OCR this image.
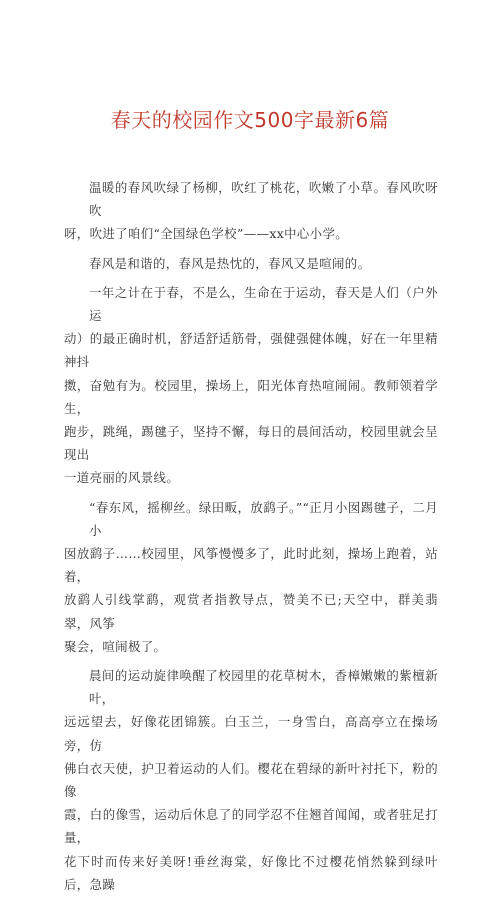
春天的校园作文500字最新6篇

温暖的春风吹绿了杨柳，吹红了桃花，吹嫩了小草。春风吹呀吹
呀，吹进了咱们“全国绿色学校”——xx中心小学。

春风是和谐的，春风是热忱的，春风又是喧闹的。

一年之计在于春，不是么，生命在于运动，春天是人们（户外运
动）的最正确时机，舒适舒适筋骨，强健强健体魄，好在一年里精神抖
擞，奋勉有为。校园里，操场上，阳光体育热喧闹闹。教师领着学生，
跑步，跳绳，踢毽子，坚持不懈，每日的晨间活动，校园里就会呈现出
一道亮丽的风景线。

“春东风，摇柳丝。绿田畈，放鹞子。”“正月小囡踢毽子，二月小
囡放鹞子……校园里，风筝慢慢多了，此时此刻，操场上跑着，站着，
放鹞人引线掌鹞，观赏者指教导点，赞美不已;天空中，群美翡翠，风筝
聚会，喧闹极了。

晨间的运动旋律唤醒了校园里的花草树木，香樟嫩嫩的紫檀新叶，
远远望去，好像花团锦簇。白玉兰，一身雪白，高高亭立在操场旁，仿
佛白衣天使，护卫着运动的人们。樱花在碧绿的新叶衬托下，粉的像
霞，白的像雪，运动后休息了的同学忍不住翘首闻闻，或者驻足打量，
花下时而传来好美呀!垂丝海棠，好像比不过樱花悄然躲到绿叶后，急躁
